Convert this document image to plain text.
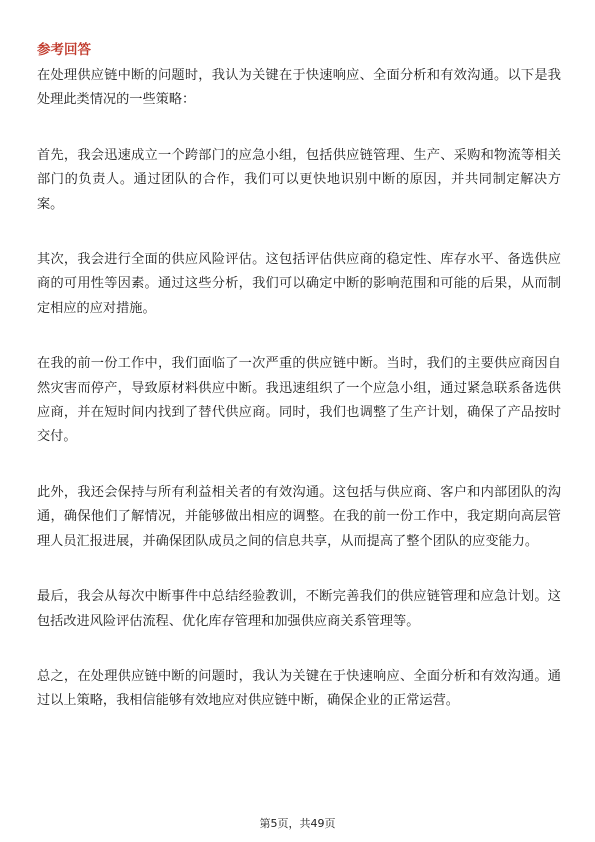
参考回答

在处理供应链中断的问题时，我认为关键在于快速响应、全面分析和有效沟通。以下是我处理此类情况的一些策略：

首先，我会迅速成立一个跨部门的应急小组，包括供应链管理、生产、采购和物流等相关部门的负责人。通过团队的合作，我们可以更快地识别中断的原因，并共同制定解决方案。

其次，我会进行全面的供应风险评估。这包括评估供应商的稳定性、库存水平、备选供应商的可用性等因素。通过这些分析，我们可以确定中断的影响范围和可能的后果，从而制定相应的应对措施。

在我的前一份工作中，我们面临了一次严重的供应链中断。当时，我们的主要供应商因自然灾害而停产，导致原材料供应中断。我迅速组织了一个应急小组，通过紧急联系备选供应商，并在短时间内找到了替代供应商。同时，我们也调整了生产计划，确保了产品按时交付。

此外，我还会保持与所有利益相关者的有效沟通。这包括与供应商、客户和内部团队的沟通，确保他们了解情况，并能够做出相应的调整。在我的前一份工作中，我定期向高层管理人员汇报进展，并确保团队成员之间的信息共享，从而提高了整个团队的应变能力。

最后，我会从每次中断事件中总结经验教训，不断完善我们的供应链管理和应急计划。这包括改进风险评估流程、优化库存管理和加强供应商关系管理等。

总之，在处理供应链中断的问题时，我认为关键在于快速响应、全面分析和有效沟通。通过以上策略，我相信能够有效地应对供应链中断，确保企业的正常运营。

第5页，共49页
